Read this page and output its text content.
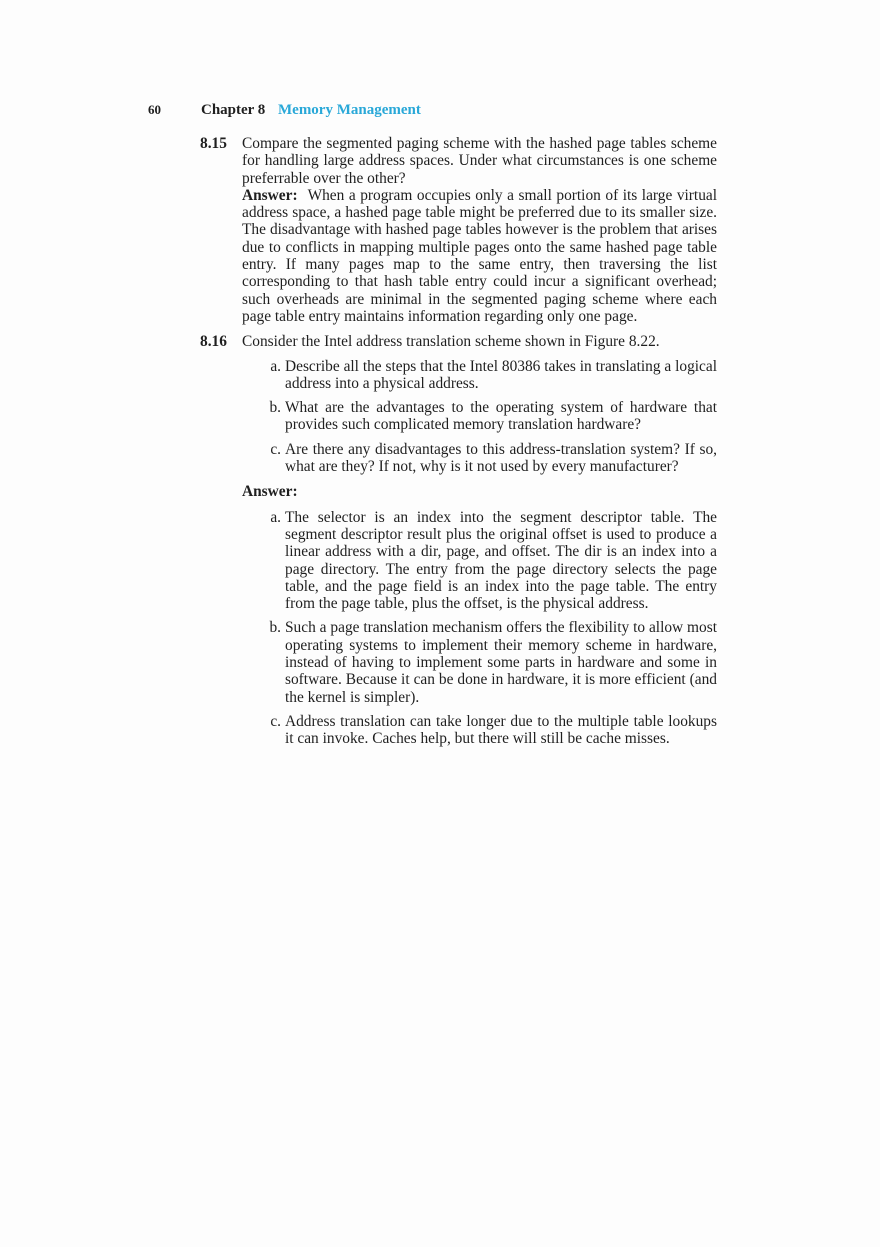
60	Chapter 8 Memory Management
8.15 Compare the segmented paging scheme with the hashed page tables scheme for handling large address spaces. Under what circumstances is one scheme preferrable over the other?
Answer: When a program occupies only a small portion of its large virtual address space, a hashed page table might be preferred due to its smaller size. The disadvantage with hashed page tables however is the problem that arises due to conflicts in mapping multiple pages onto the same hashed page table entry. If many pages map to the same entry, then traversing the list corresponding to that hash table entry could incur a significant overhead; such overheads are minimal in the segmented paging scheme where each page table entry maintains information regarding only one page.
8.16 Consider the Intel address translation scheme shown in Figure 8.22.
a. Describe all the steps that the Intel 80386 takes in translating a logical address into a physical address.
b. What are the advantages to the operating system of hardware that provides such complicated memory translation hardware?
c. Are there any disadvantages to this address-translation system? If so, what are they? If not, why is it not used by every manufacturer?
Answer:
a. The selector is an index into the segment descriptor table. The segment descriptor result plus the original offset is used to produce a linear address with a dir, page, and offset. The dir is an index into a page directory. The entry from the page directory selects the page table, and the page field is an index into the page table. The entry from the page table, plus the offset, is the physical address.
b. Such a page translation mechanism offers the flexibility to allow most operating systems to implement their memory scheme in hardware, instead of having to implement some parts in hardware and some in software. Because it can be done in hardware, it is more efficient (and the kernel is simpler).
c. Address translation can take longer due to the multiple table lookups it can invoke. Caches help, but there will still be cache misses.
